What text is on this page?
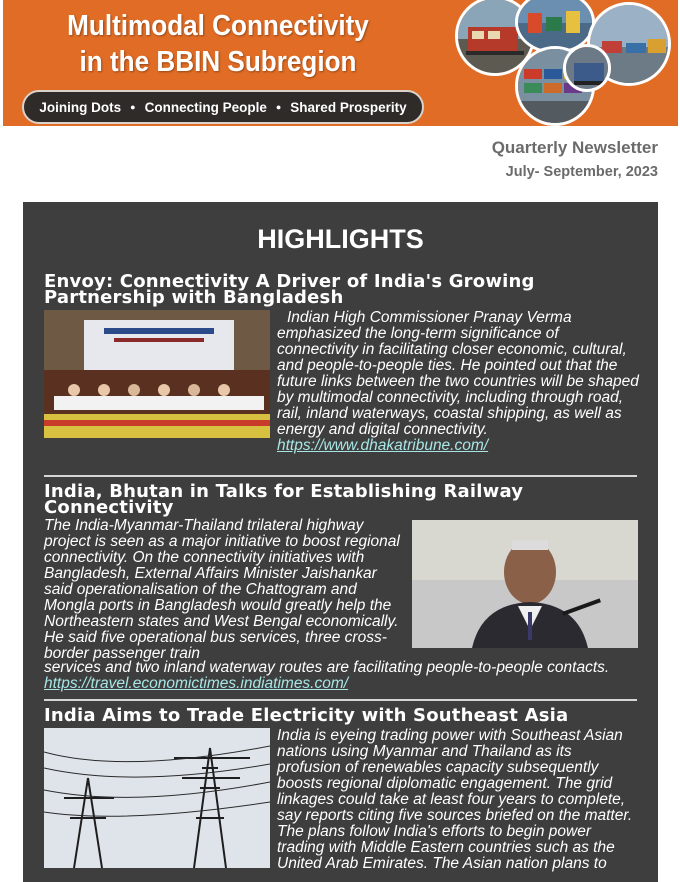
Multimodal Connectivity
in the BBIN Subregion
Joining Dots ● Connecting People ● Shared Prosperity
Quarterly Newsletter
July- September, 2023
HIGHLIGHTS
Envoy: Connectivity A Driver of India's Growing
Partnership with Bangladesh
Indian High Commissioner Pranay Verma emphasized the long-term significance of connectivity in facilitating closer economic, cultural, and people-to-people ties. He pointed out that the future links between the two countries will be shaped by multimodal connectivity, including through road, rail, inland waterways, coastal shipping, as well as energy and digital connectivity.
https://www.dhakatribune.com/
India, Bhutan in Talks for Establishing Railway
Connectivity
The India-Myanmar-Thailand trilateral highway project is seen as a major initiative to boost regional connectivity. On the connectivity initiatives with Bangladesh, External Affairs Minister Jaishankar said operationalisation of the Chattogram and Mongla ports in Bangladesh would greatly help the Northeastern states and West Bengal economically. He said five operational bus services, three cross-border passenger train
services and two inland waterway routes are facilitating people-to-people contacts.
https://travel.economictimes.indiatimes.com/
India Aims to Trade Electricity with Southeast Asia
India is eyeing trading power with Southeast Asian nations using Myanmar and Thailand as its profusion of renewables capacity subsequently boosts regional diplomatic engagement. The grid linkages could take at least four years to complete, say reports citing five sources briefed on the matter. The plans follow India's efforts to begin power trading with Middle Eastern countries such as the United Arab Emirates. The Asian nation plans to
